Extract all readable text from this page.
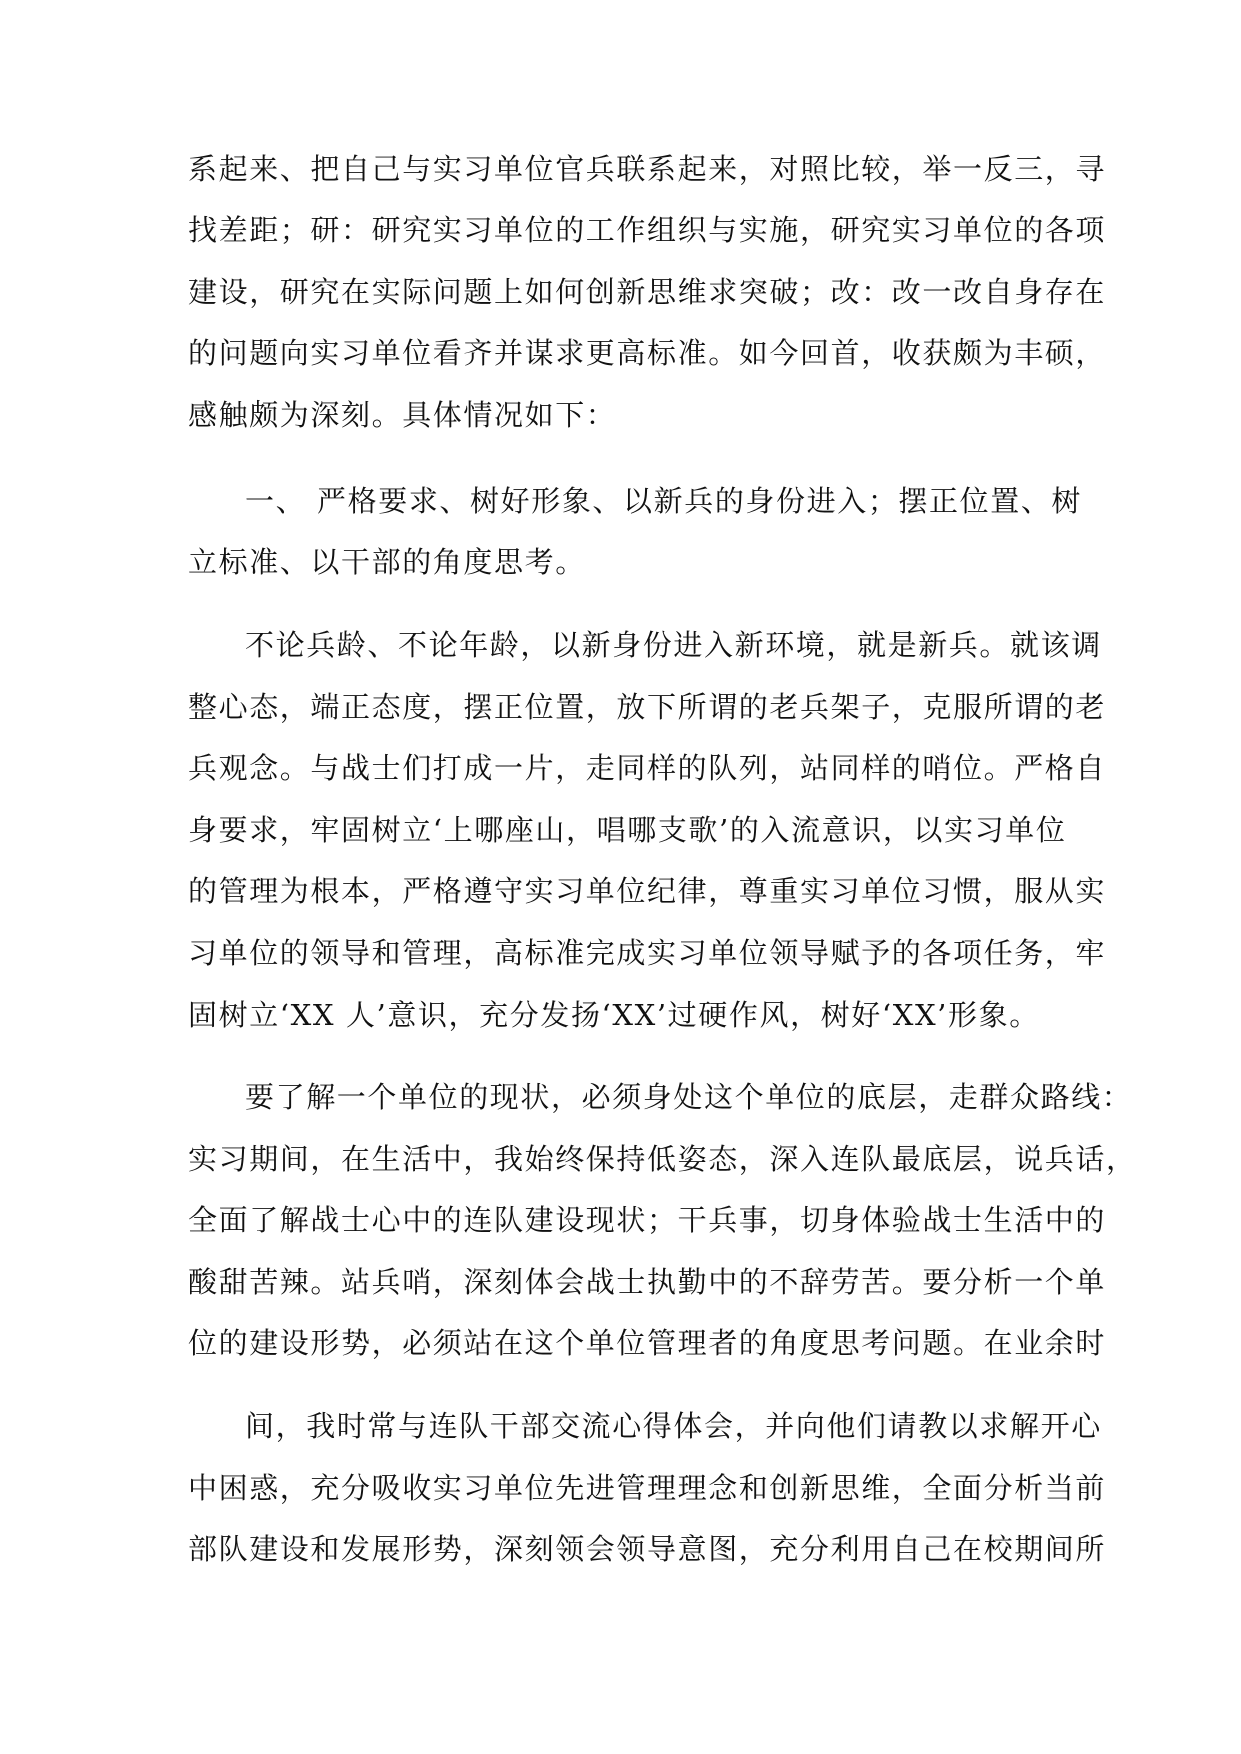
系起来、把自己与实习单位官兵联系起来，对照比较，举一反三，寻
找差距；研：研究实习单位的工作组织与实施，研究实习单位的各项
建设，研究在实际问题上如何创新思维求突破；改：改一改自身存在
的问题向实习单位看齐并谋求更高标准。如今回首，收获颇为丰硕，
感触颇为深刻。具体情况如下：
一、 严格要求、树好形象、以新兵的身份进入；摆正位置、树
立标准、以干部的角度思考。
不论兵龄、不论年龄，以新身份进入新环境，就是新兵。就该调
整心态，端正态度，摆正位置，放下所谓的老兵架子，克服所谓的老
兵观念。与战士们打成一片，走同样的队列，站同样的哨位。严格自
身要求，牢固树立‘上哪座山，唱哪支歌’的入流意识，以实习单位
的管理为根本，严格遵守实习单位纪律，尊重实习单位习惯，服从实
习单位的领导和管理，高标准完成实习单位领导赋予的各项任务，牢
固树立‘XX 人’意识，充分发扬‘XX’过硬作风，树好‘XX’形象。
要了解一个单位的现状，必须身处这个单位的底层，走群众路线：
实习期间，在生活中，我始终保持低姿态，深入连队最底层，说兵话，
全面了解战士心中的连队建设现状；干兵事，切身体验战士生活中的
酸甜苦辣。站兵哨，深刻体会战士执勤中的不辞劳苦。要分析一个单
位的建设形势，必须站在这个单位管理者的角度思考问题。在业余时
间，我时常与连队干部交流心得体会，并向他们请教以求解开心
中困惑，充分吸收实习单位先进管理理念和创新思维，全面分析当前
部队建设和发展形势，深刻领会领导意图，充分利用自己在校期间所
